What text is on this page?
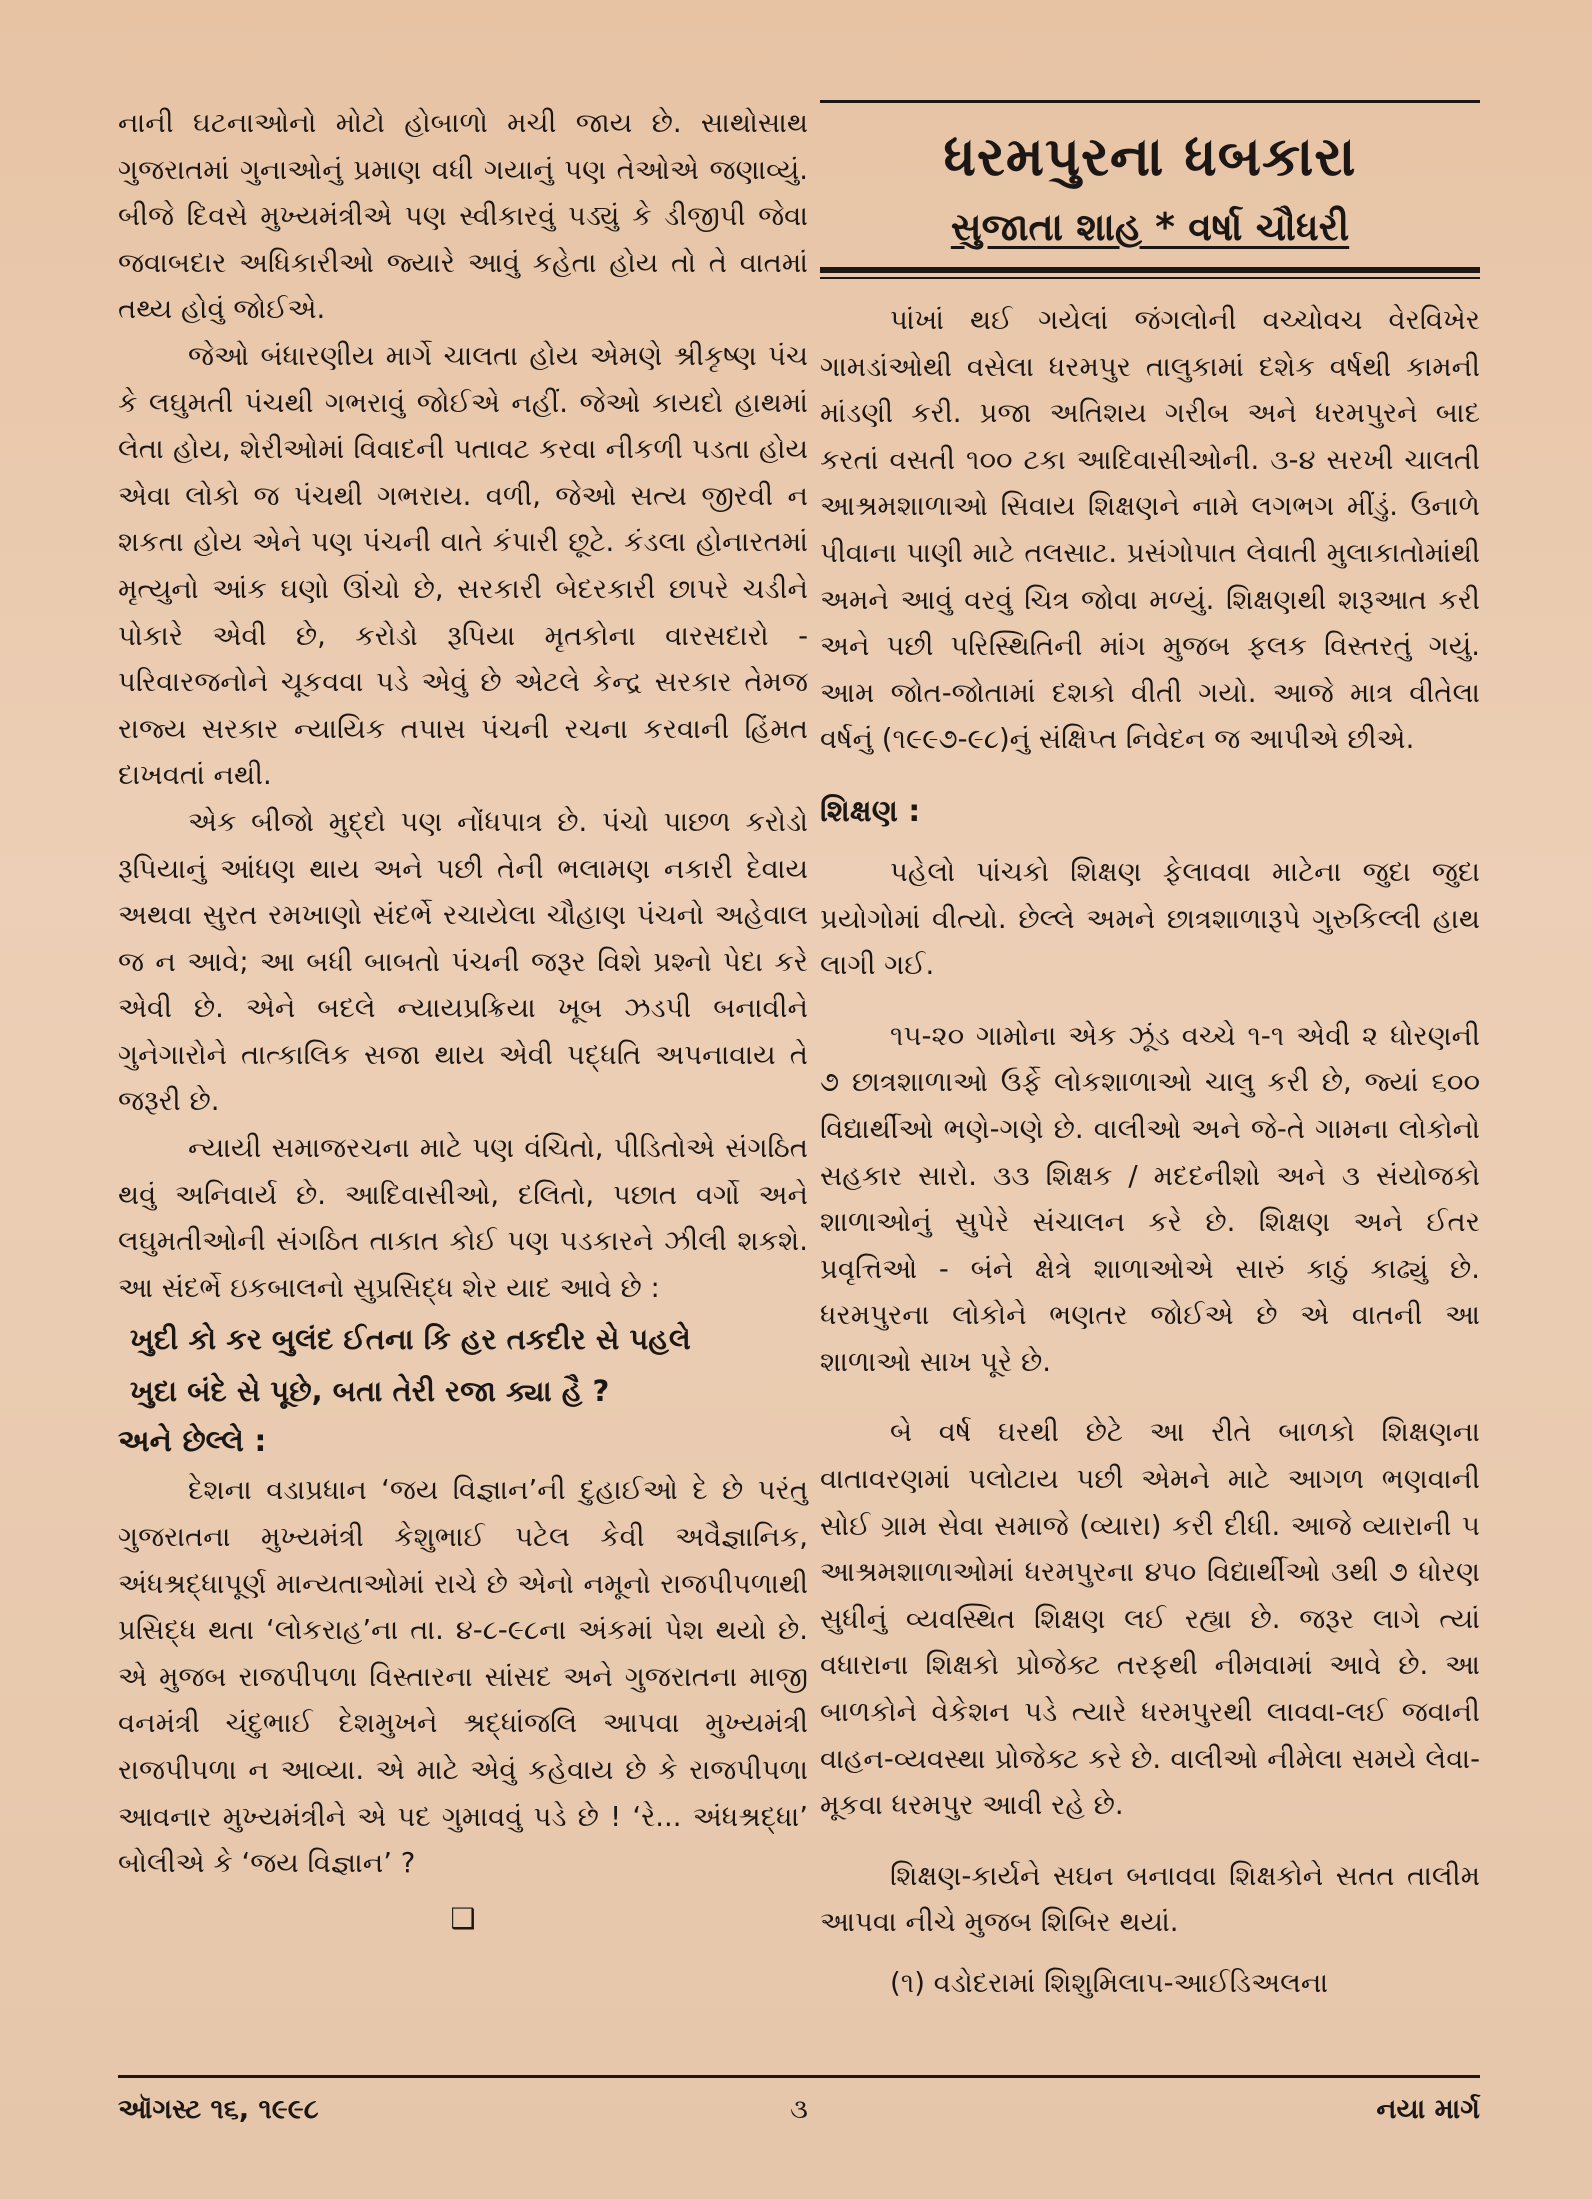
નાની ઘટનાઓનો મોટો હોબાળો મચી જાય છે. સાથોસાથ ગુજરાતમાં ગુનાઓનું પ્રમાણ વધી ગયાનું પણ તેઓએ જણાવ્યું. બીજે દિવસે મુખ્યમંત્રીએ પણ સ્વીકારવું પડ્યું કે ડીજીપી જેવા જવાબદાર અધિકારીઓ જ્યારે આવું કહેતા હોય તો તે વાતમાં તથ્ય હોવું જોઈએ.

જેઓ બંધારણીય માર્ગે ચાલતા હોય એમણે શ્રીકૃષ્ણ પંચ કે લઘુમતી પંચથી ગભરાવું જોઈએ નહીં. જેઓ કાયદો હાથમાં લેતા હોય, શેરીઓમાં વિવાદની પતાવટ કરવા નીકળી પડતા હોય એવા લોકો જ પંચથી ગભરાય. વળી, જેઓ સત્ય જીરવી ન શકતા હોય એને પણ પંચની વાતે કંપારી છૂટે. કંડલા હોનારતમાં મૃત્યુનો આંક ઘણો ઊંચો છે, સરકારી બેદરકારી છાપરે ચડીને પોકારે એવી છે, કરોડો રૂપિયા મૃતકોના વારસદારો - પરિવારજનોને ચૂકવવા પડે એવું છે એટલે કેન્દ્ર સરકાર તેમજ રાજ્ય સરકાર ન્યાયિક તપાસ પંચની રચના કરવાની હિંમત દાખવતાં નથી.

એક બીજો મુદ્દો પણ નોંધપાત્ર છે. પંચો પાછળ કરોડો રૂપિયાનું આંધણ થાય અને પછી તેની ભલામણ નકારી દેવાય અથવા સુરત રમખાણો સંદર્ભે રચાયેલા ચૌહાણ પંચનો અહેવાલ જ ન આવે; આ બધી બાબતો પંચની જરૂર વિશે પ્રશ્નો પેદા કરે એવી છે. એને બદલે ન્યાયપ્રક્રિયા ખૂબ ઝડપી બનાવીને ગુનેગારોને તાત્કાલિક સજા થાય એવી પદ્ધતિ અપનાવાય તે જરૂરી છે.

ન્યાયી સમાજરચના માટે પણ વંચિતો, પીડિતોએ સંગઠિત થવું અનિવાર્ય છે. આદિવાસીઓ, દલિતો, પછાત વર્ગો અને લઘુમતીઓની સંગઠિત તાકાત કોઈ પણ પડકારને ઝીલી શકશે. આ સંદર્ભે ઇકબાલનો સુપ્રસિદ્ધ શેર યાદ આવે છે :

ખુદી કો કર બુલંદ ઈતના કિ હર તકદીર સે પહલે

ખુદા બંદે સે પૂછે, બતા તેરી રજા ક્યા હૈ ?

અને છેલ્લે :

દેશના વડાપ્રધાન ‘જય વિજ્ઞાન’ની દુહાઈઓ દે છે પરંતુ ગુજરાતના મુખ્યમંત્રી કેશુભાઈ પટેલ કેવી અવૈજ્ઞાનિક, અંધશ્રદ્ધાપૂર્ણ માન્યતાઓમાં રાચે છે એનો નમૂનો રાજપીપળાથી પ્રસિદ્ધ થતા ‘લોકરાહ’ના તા. ૪-૮-૯૮ના અંકમાં પેશ થયો છે. એ મુજબ રાજપીપળા વિસ્તારના સાંસદ અને ગુજરાતના માજી વનમંત્રી ચંદુભાઈ દેશમુખને શ્રદ્ધાંજલિ આપવા મુખ્યમંત્રી રાજપીપળા ન આવ્યા. એ માટે એવું કહેવાય છે કે રાજપીપળા આવનાર મુખ્યમંત્રીને એ પદ ગુમાવવું પડે છે ! ‘રે... અંધશ્રદ્ધા’ બોલીએ કે ‘જય વિજ્ઞાન’ ?

❑

ધરમપુરના ધબકારા

સુજાતા શાહ * વર્ષા ચૌધરી

પાંખાં થઈ ગયેલાં જંગલોની વચ્ચોવચ વેરવિખેર ગામડાંઓથી વસેલા ધરમપુર તાલુકામાં દશેક વર્ષથી કામની માંડણી કરી. પ્રજા અતિશય ગરીબ અને ધરમપુરને બાદ કરતાં વસતી ૧૦૦ ટકા આદિવાસીઓની. ૩-૪ સરખી ચાલતી આશ્રમશાળાઓ સિવાય શિક્ષણને નામે લગભગ મીંડું. ઉનાળે પીવાના પાણી માટે તલસાટ. પ્રસંગોપાત લેવાતી મુલાકાતોમાંથી અમને આવું વરવું ચિત્ર જોવા મળ્યું. શિક્ષણથી શરૂઆત કરી અને પછી પરિસ્થિતિની માંગ મુજબ ફલક વિસ્તરતું ગયું. આમ જોત-જોતામાં દશકો વીતી ગયો. આજે માત્ર વીતેલા વર્ષનું (૧૯૯૭-૯૮)નું સંક્ષિપ્ત નિવેદન જ આપીએ છીએ.

શિક્ષણ :

પહેલો પાંચકો શિક્ષણ ફેલાવવા માટેના જુદા જુદા પ્રયોગોમાં વીત્યો. છેલ્લે અમને છાત્રશાળારૂપે ગુરુકિલ્લી હાથ લાગી ગઈ.

૧૫-૨૦ ગામોના એક ઝૂંડ વચ્ચે ૧-૧ એવી ૨ ધોરણની ૭ છાત્રશાળાઓ ઉર્ફે લોકશાળાઓ ચાલુ કરી છે, જ્યાં ૬૦૦ વિદ્યાર્થીઓ ભણે-ગણે છે. વાલીઓ અને જે-તે ગામના લોકોનો સહકાર સારો. ૩૩ શિક્ષક / મદદનીશો અને ૩ સંયોજકો શાળાઓનું સુપેરે સંચાલન કરે છે. શિક્ષણ અને ઈતર પ્રવૃત્તિઓ - બંને ક્ષેત્રે શાળાઓએ સારું કાઠું કાઢ્યું છે. ધરમપુરના લોકોને ભણતર જોઈએ છે એ વાતની આ શાળાઓ સાખ પૂરે છે.

બે વર્ષ ઘરથી છેટે આ રીતે બાળકો શિક્ષણના વાતાવરણમાં પલોટાય પછી એમને માટે આગળ ભણવાની સોઈ ગ્રામ સેવા સમાજે (વ્યારા) કરી દીધી. આજે વ્યારાની ૫ આશ્રમશાળાઓમાં ધરમપુરના ૪૫૦ વિદ્યાર્થીઓ ૩થી ૭ ધોરણ સુધીનું વ્યવસ્થિત શિક્ષણ લઈ રહ્યા છે. જરૂર લાગે ત્યાં વધારાના શિક્ષકો પ્રોજેક્ટ તરફથી નીમવામાં આવે છે. આ બાળકોને વેકેશન પડે ત્યારે ધરમપુરથી લાવવા-લઈ જવાની વાહન-વ્યવસ્થા પ્રોજેક્ટ કરે છે. વાલીઓ નીમેલા સમયે લેવા-મૂકવા ધરમપુર આવી રહે છે.

શિક્ષણ-કાર્યને સઘન બનાવવા શિક્ષકોને સતત તાલીમ આપવા નીચે મુજબ શિબિર થયાં.

(૧) વડોદરામાં શિશુમિલાપ-આઈડિઅલના

ઑગસ્ટ ૧૬, ૧૯૯૮	૩	નયા માર્ગ
